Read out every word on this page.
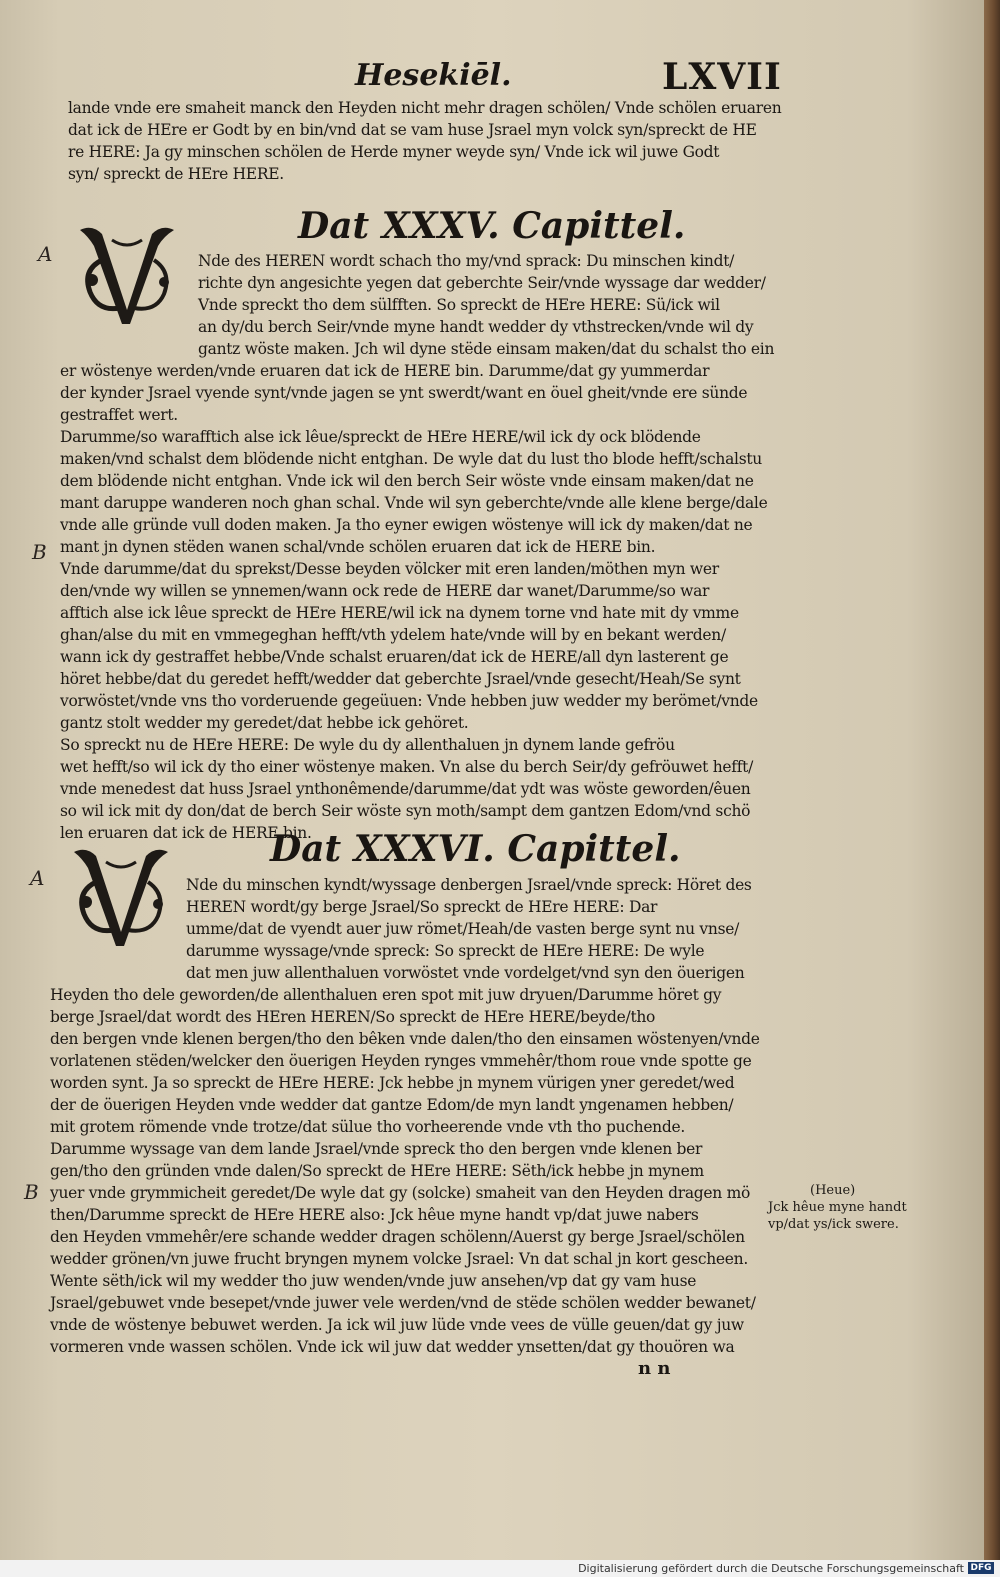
Hesekiēl.	LXVII
lande vnde ere smaheit manck den Heyden nicht mehr dragen schölen/ Vnde schölen eruaren
dat ick de HEre er Godt by en bin/vnd dat se vam huse Jsrael myn volck syn/spreckt de HE
re HERE: Ja gy minschen schölen de Herde myner weyde syn/ Vnde ick wil juwe Godt
syn/ spreckt de HEre HERE.
Dat XXXV. Capittel.
A	Nde des HEREN wordt schach tho my/vnd sprack: Du minschen kindt/
richte dyn angesichte yegen dat geberchte Seir/vnde wyssage dar wedder/
Vnde spreckt tho dem sülfften. So spreckt de HEre HERE: Sü/ick wil
an dy/du berch Seir/vnde myne handt wedder dy vthstrecken/vnde wil dy
gantz wöste maken. Jch wil dyne stëde einsam maken/dat du schalst tho ein
er wöstenye werden/vnde eruaren dat ick de HERE bin. Darumme/dat gy yummerdar
der kynder Jsrael vyende synt/vnde jagen se ynt swerdt/want en öuel gheit/vnde ere sünde
gestraffet wert.
Darumme/so warafftich alse ick lêue/spreckt de HEre HERE/wil ick dy ock blödende
maken/vnd schalst dem blödende nicht entghan. De wyle dat du lust tho blode hefft/schalstu
dem blödende nicht entghan. Vnde ick wil den berch Seir wöste vnde einsam maken/dat ne
mant daruppe wanderen noch ghan schal. Vnde wil syn geberchte/vnde alle klene berge/dale
vnde alle gründe vull doden maken. Ja tho eyner ewigen wöstenye will ick dy maken/dat ne
mant jn dynen stëden wanen schal/vnde schölen eruaren dat ick de HERE bin.
B
Vnde darumme/dat du sprekst/Desse beyden völcker mit eren landen/möthen myn wer
den/vnde wy willen se ynnemen/wann ock rede de HERE dar wanet/Darumme/so war
afftich alse ick lêue spreckt de HEre HERE/wil ick na dynem torne vnd hate mit dy vmme
ghan/alse du mit en vmmegeghan hefft/vth ydelem hate/vnde will by en bekant werden/
wann ick dy gestraffet hebbe/Vnde schalst eruaren/dat ick de HERE/all dyn lasterent ge
höret hebbe/dat du geredet hefft/wedder dat geberchte Jsrael/vnde gesecht/Heah/Se synt
vorwöstet/vnde vns tho vorderuende gegeüuen: Vnde hebben juw wedder my berömet/vnde
gantz stolt wedder my geredet/dat hebbe ick gehöret.
So spreckt nu de HEre HERE: De wyle du dy allenthaluen jn dynem lande gefröu
wet hefft/so wil ick dy tho einer wöstenye maken. Vn alse du berch Seir/dy gefröuwet hefft/
vnde menedest dat huss Jsrael ynthonêmende/darumme/dat ydt was wöste geworden/êuen
so wil ick mit dy don/dat de berch Seir wöste syn moth/sampt dem gantzen Edom/vnd schö
len eruaren dat ick de HERE bin.
Dat XXXVI. Capittel.
A	Nde du minschen kyndt/wyssage denbergen Jsrael/vnde spreck: Höret des
HEREN wordt/gy berge Jsrael/So spreckt de HEre HERE: Dar
umme/dat de vyendt auer juw römet/Heah/de vasten berge synt nu vnse/
darumme wyssage/vnde spreck: So spreckt de HEre HERE: De wyle
dat men juw allenthaluen vorwöstet vnde vordelget/vnd syn den öuerigen
Heyden tho dele geworden/de allenthaluen eren spot mit juw dryuen/Darumme höret gy
berge Jsrael/dat wordt des HEren HEREN/So spreckt de HEre HERE/beyde/tho
den bergen vnde klenen bergen/tho den bêken vnde dalen/tho den einsamen wöstenyen/vnde
vorlatenen stëden/welcker den öuerigen Heyden rynges vmmehêr/thom roue vnde spotte ge
worden synt. Ja so spreckt de HEre HERE: Jck hebbe jn mynem vürigen yner geredet/wed
der de öuerigen Heyden vnde wedder dat gantze Edom/de myn landt yngenamen hebben/
mit grotem römende vnde trotze/dat sülue tho vorheerende vnde vth tho puchende.
Darumme wyssage van dem lande Jsrael/vnde spreck tho den bergen vnde klenen ber
gen/tho den gründen vnde dalen/So spreckt de HEre HERE: Sëth/ick hebbe jn mynem
yuer vnde grymmicheit geredet/De wyle dat gy (solcke) smaheit van den Heyden dragen mö
B
then/Darumme spreckt de HEre HERE also: Jck hêue myne handt vp/dat juwe nabers
den Heyden vmmehêr/ere schande wedder dragen schölenn/Auerst gy berge Jsrael/schölen
wedder grönen/vn juwe frucht bryngen mynem volcke Jsrael: Vn dat schal jn kort gescheen.
Wente sëth/ick wil my wedder tho juw wenden/vnde juw ansehen/vp dat gy vam huse
Jsrael/gebuwet vnde besepet/vnde juwer vele werden/vnd de stëde schölen wedder bewanet/
vnde de wöstenye bebuwet werden. Ja ick wil juw lüde vnde vees de vülle geuen/dat gy juw
vormeren vnde wassen schölen. Vnde ick wil juw dat wedder ynsetten/dat gy thouören wa
(Heue)
Jck hêue myne handt
vp/dat ys/ick swere.
n n
Digitalisierung gefördert durch die Deutsche Forschungsgemeinschaft DFG
